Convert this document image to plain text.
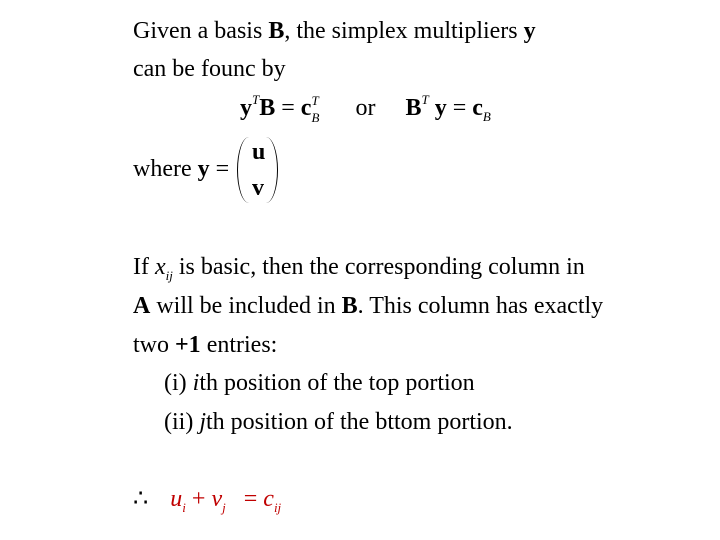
Given a basis B, the simplex multipliers y
can be founc by
$y^TB = c$ T
B or $B^T$ $y = c_B$
where y =
u
v
If $x_{ij}$ is basic, then the corresponding column in
A will be included in B. This column has exactly
two +1 entries:
(i) ith position of the top portion
(ii) jth position of the bttom portion.
∴ $u_i + v_j = c_{ij}$
